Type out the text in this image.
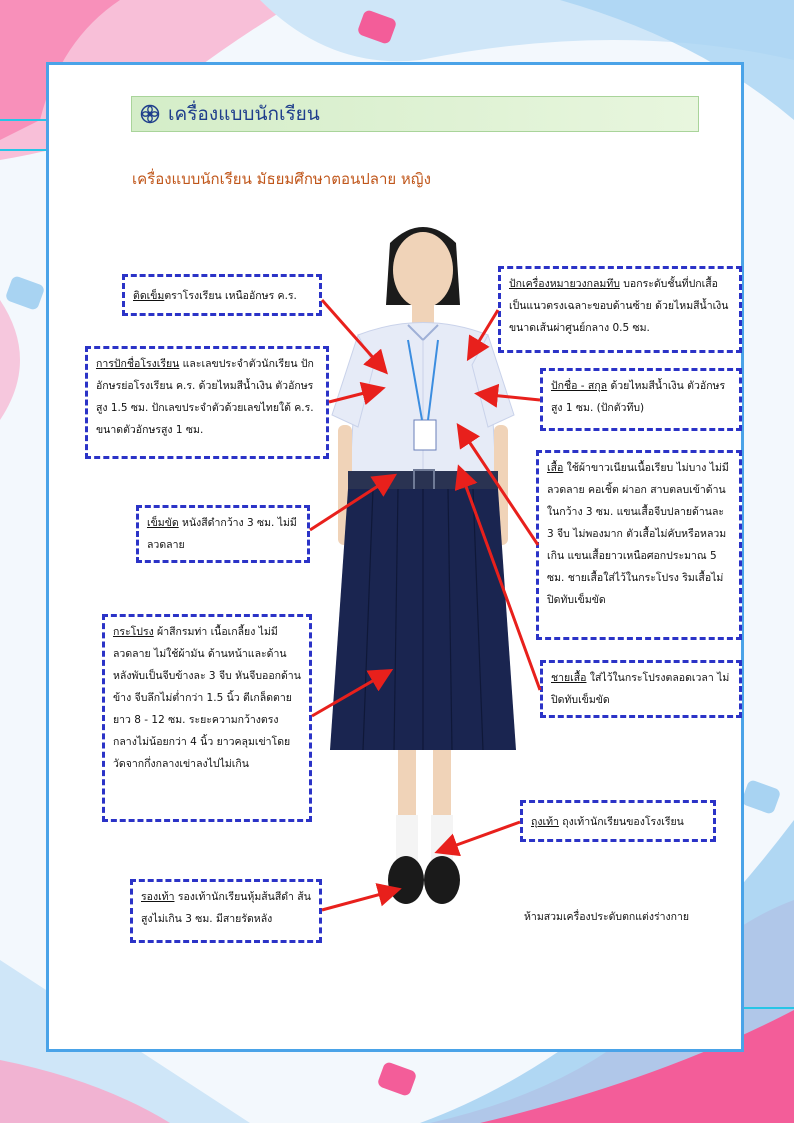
เครื่องแบบนักเรียน
เครื่องแบบนักเรียน มัธยมศึกษาตอนปลาย หญิง
ติดเข็มตราโรงเรียน เหนืออักษร ค.ร.
การปักชื่อโรงเรียน และเลขประจำตัวนักเรียน ปักอักษรย่อโรงเรียน ค.ร. ด้วยไหมสีน้ำเงิน ตัวอักษรสูง 1.5 ซม. ปักเลขประจำตัวด้วยเลขไทยใต้ ค.ร. ขนาดตัวอักษรสูง 1 ซม.
เข็มขัด หนังสีดำกว้าง 3 ซม. ไม่มีลวดลาย
กระโปรง ผ้าสีกรมท่า เนื้อเกลี้ยง ไม่มีลวดลาย ไม่ใช้ผ้ามัน ด้านหน้าและด้านหลังพับเป็นจีบข้างละ 3 จีบ หันจีบออกด้านข้าง จีบลึกไม่ต่ำกว่า 1.5 นิ้ว ตีเกล็ดตายยาว 8 - 12 ซม. ระยะความกว้างตรงกลางไม่น้อยกว่า 4 นิ้ว ยาวคลุมเข่าโดยวัดจากกึ่งกลางเข่าลงไปไม่เกิน
รองเท้า รองเท้านักเรียนหุ้มส้นสีดำ ส้นสูงไม่เกิน 3 ซม. มีสายรัดหลัง
ปักเครื่องหมายวงกลมทึบ บอกระดับชั้นที่ปกเสื้อเป็นแนวตรงเฉลาะขอบด้านซ้าย ด้วยไหมสีน้ำเงิน ขนาดเส้นผ่าศูนย์กลาง 0.5 ซม.
ปักชื่อ - สกุล ด้วยไหมสีน้ำเงิน ตัวอักษรสูง 1 ซม. (ปักตัวทึบ)
เสื้อ ใช้ผ้าขาวเนียนเนื้อเรียบ ไม่บาง ไม่มีลวดลาย คอเชิ้ต ผ่าอก สาบตลบเข้าด้านในกว้าง 3 ซม. แขนเสื้อจีบปลายด้านละ 3 จีบ ไม่พองมาก ตัวเสื้อไม่คับหรือหลวมเกิน แขนเสื้อยาวเหนือศอกประมาณ 5 ซม. ชายเสื้อใส่ไว้ในกระโปรง ริมเสื้อไม่ปิดทับเข็มขัด
ชายเสื้อ ใส่ไว้ในกระโปรงตลอดเวลา ไม่ปิดทับเข็มขัด
ถุงเท้า ถุงเท้านักเรียนของโรงเรียน
ห้ามสวมเครื่องประดับตกแต่งร่างกาย
